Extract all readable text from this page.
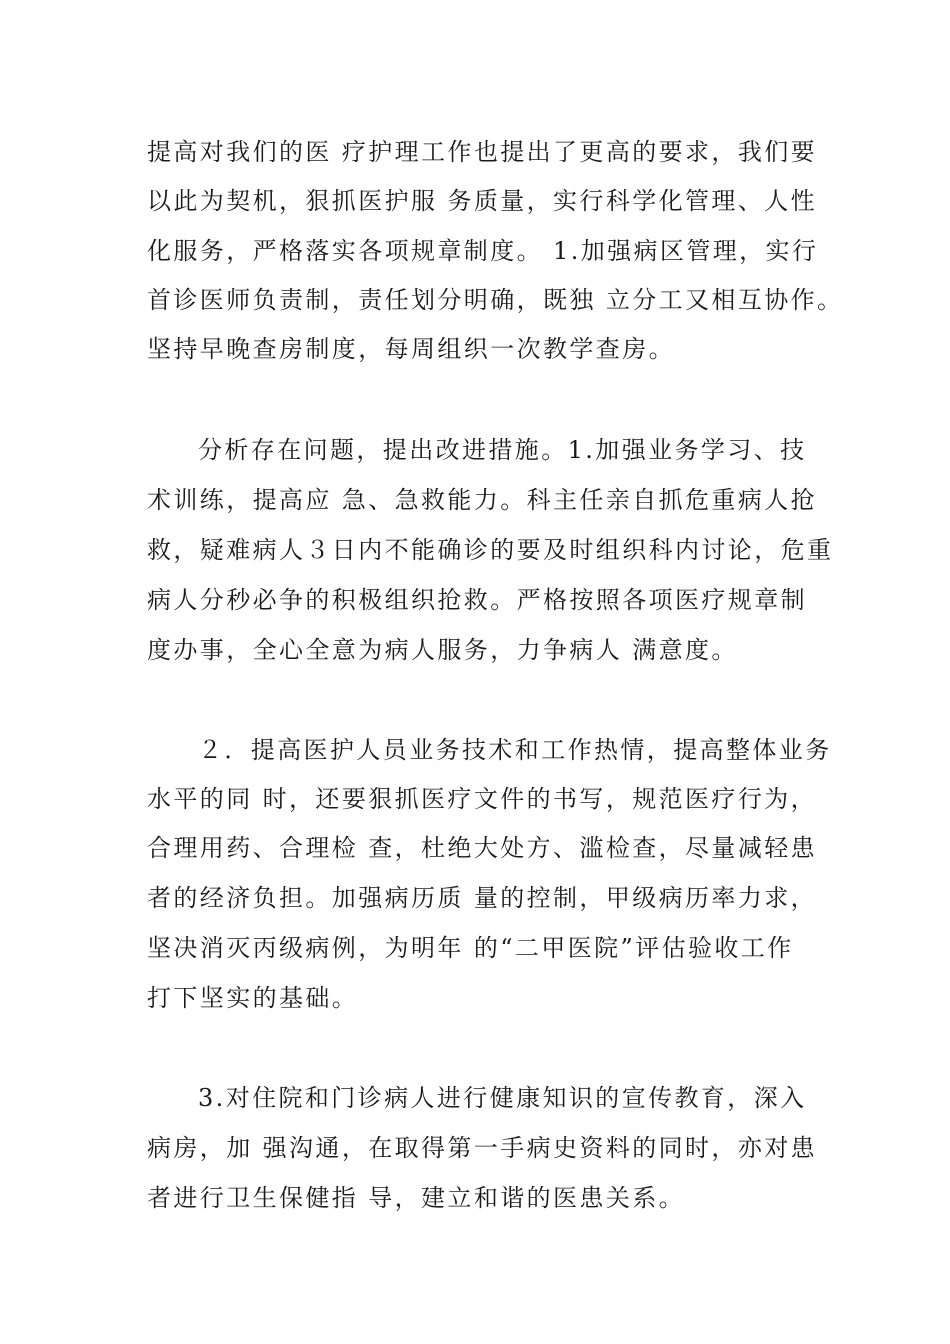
提高对我们的医 疗护理工作也提出了更高的要求，我们要
以此为契机，狠抓医护服 务质量，实行科学化管理、人性
化服务，严格落实各项规章制度。 1.加强病区管理，实行
首诊医师负责制，责任划分明确，既独 立分工又相互协作。
坚持早晚查房制度，每周组织一次教学查房。
分析存在问题，提出改进措施。1.加强业务学习、技
术训练，提高应 急、急救能力。科主任亲自抓危重病人抢
救，疑难病人３日内不能确诊的要及时组织科内讨论，危重
病人分秒必争的积极组织抢救。严格按照各项医疗规章制
度办事，全心全意为病人服务，力争病人 满意度。
２．提高医护人员业务技术和工作热情，提高整体业务
水平的同 时，还要狠抓医疗文件的书写，规范医疗行为，
合理用药、合理检 查，杜绝大处方、滥检查，尽量减轻患
者的经济负担。加强病历质 量的控制，甲级病历率力求，
坚决消灭丙级病例，为明年 的“二甲医院”评估验收工作
打下坚实的基础。
3.对住院和门诊病人进行健康知识的宣传教育，深入
病房，加 强沟通，在取得第一手病史资料的同时，亦对患
者进行卫生保健指 导，建立和谐的医患关系。
